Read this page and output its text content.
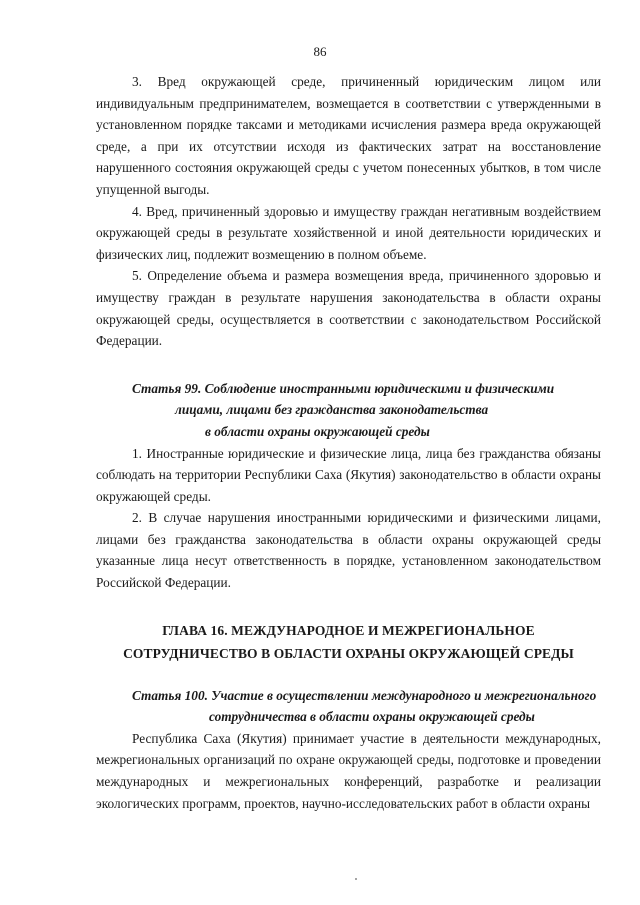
86

3. Вред окружающей среде, причиненный юридическим лицом или индивидуальным предпринимателем, возмещается в соответствии с утвержденными в установленном порядке таксами и методиками исчисления размера вреда окружающей среде, а при их отсутствии исходя из фактических затрат на восстановление нарушенного состояния окружающей среды с учетом понесенных убытков, в том числе упущенной выгоды.

4. Вред, причиненный здоровью и имуществу граждан негативным воздействием окружающей среды в результате хозяйственной и иной деятельности юридических и физических лиц, подлежит возмещению в полном объеме.

5. Определение объема и размера возмещения вреда, причиненного здоровью и имуществу граждан в результате нарушения законодательства в области охраны окружающей среды, осуществляется в соответствии с законодательством Российской Федерации.

Статья 99. Соблюдение иностранными юридическими и физическими
лицами, лицами без гражданства законодательства
в области охраны окружающей среды

1. Иностранные юридические и физические лица, лица без гражданства обязаны соблюдать на территории Республики Саха (Якутия) законодательство в области охраны окружающей среды.

2. В случае нарушения иностранными юридическими и физическими лицами, лицами без гражданства законодательства в области охраны окружающей среды указанные лица несут ответственность в порядке, установленном законодательством Российской Федерации.

ГЛАВА 16. МЕЖДУНАРОДНОЕ И МЕЖРЕГИОНАЛЬНОЕ
СОТРУДНИЧЕСТВО В ОБЛАСТИ ОХРАНЫ ОКРУЖАЮЩЕЙ СРЕДЫ
Статья 100. Участие в осуществлении международного и межрегионального
сотрудничества в области охраны окружающей среды

Республика Саха (Якутия) принимает участие в деятельности международных, межрегиональных организаций по охране окружающей среды, подготовке и проведении международных и межрегиональных конференций, разработке и реализации экологических программ, проектов, научно-исследовательских работ в области охраны
